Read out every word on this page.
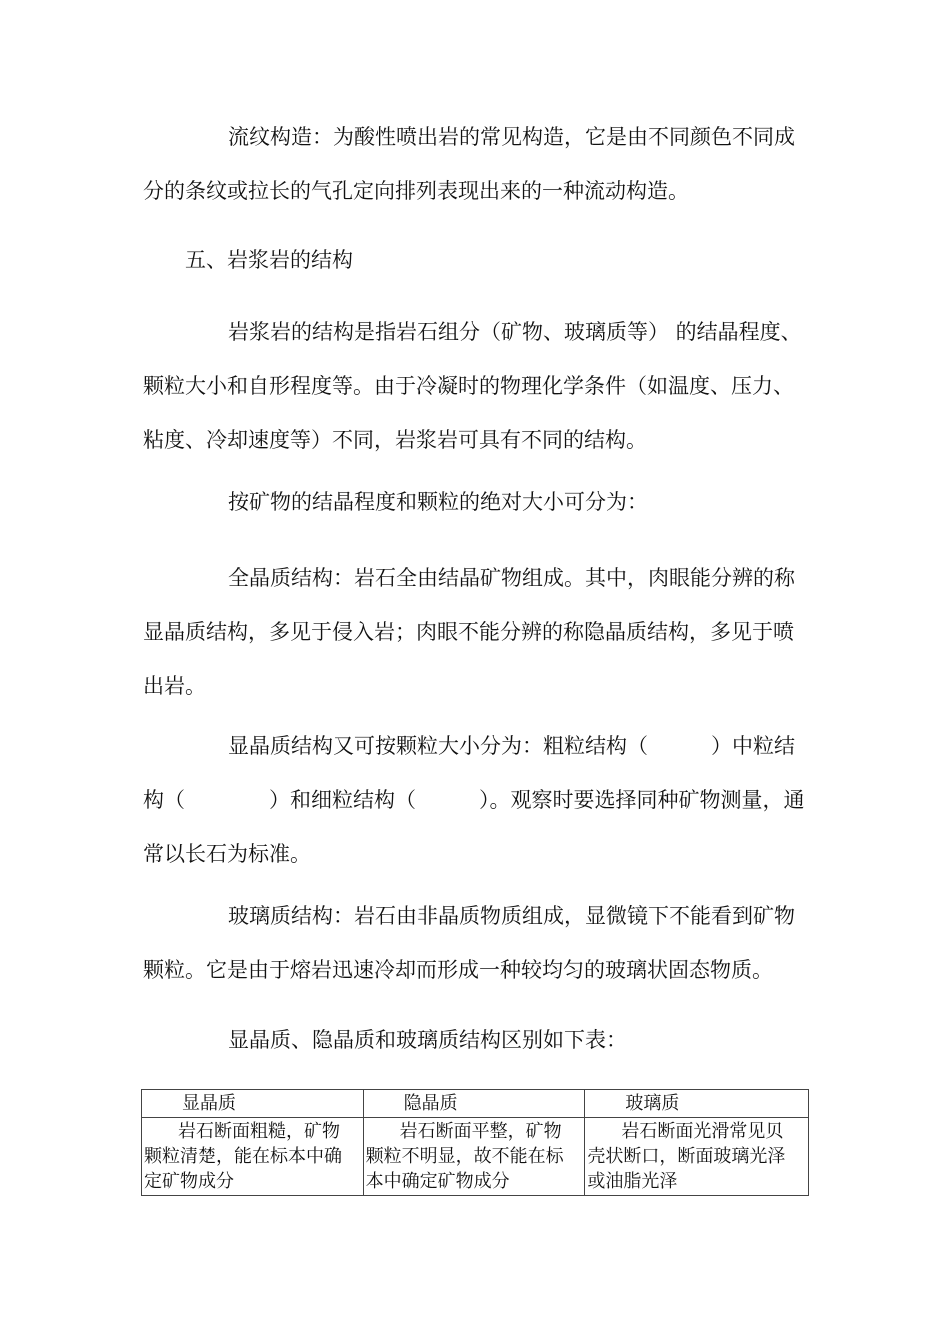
流纹构造：为酸性喷出岩的常见构造，它是由不同颜色不同成
分的条纹或拉长的气孔定向排列表现出来的一种流动构造。
五、岩浆岩的结构
岩浆岩的结构是指岩石组分（矿物、玻璃质等） 的结晶程度、
颗粒大小和自形程度等。由于冷凝时的物理化学条件（如温度、压力、
粘度、冷却速度等）不同，岩浆岩可具有不同的结构。
按矿物的结晶程度和颗粒的绝对大小可分为：
全晶质结构：岩石全由结晶矿物组成。其中，肉眼能分辨的称
显晶质结构，多见于侵入岩；肉眼不能分辨的称隐晶质结构，多见于喷
出岩。
显晶质结构又可按颗粒大小分为：粗粒结构（　　　）中粒结
构（　　　　）和细粒结构（　　　）。观察时要选择同种矿物测量，通
常以长石为标准。
玻璃质结构：岩石由非晶质物质组成，显微镜下不能看到矿物
颗粒。它是由于熔岩迅速冷却而形成一种较均匀的玻璃状固态物质。
显晶质、隐晶质和玻璃质结构区别如下表：
显晶质	隐晶质	玻璃质

岩石断面粗糙，矿物
颗粒清楚，能在标本中确
定矿物成分	岩石断面平整，矿物
颗粒不明显，故不能在标
本中确定矿物成分	岩石断面光滑常见贝
壳状断口，断面玻璃光泽
或油脂光泽
